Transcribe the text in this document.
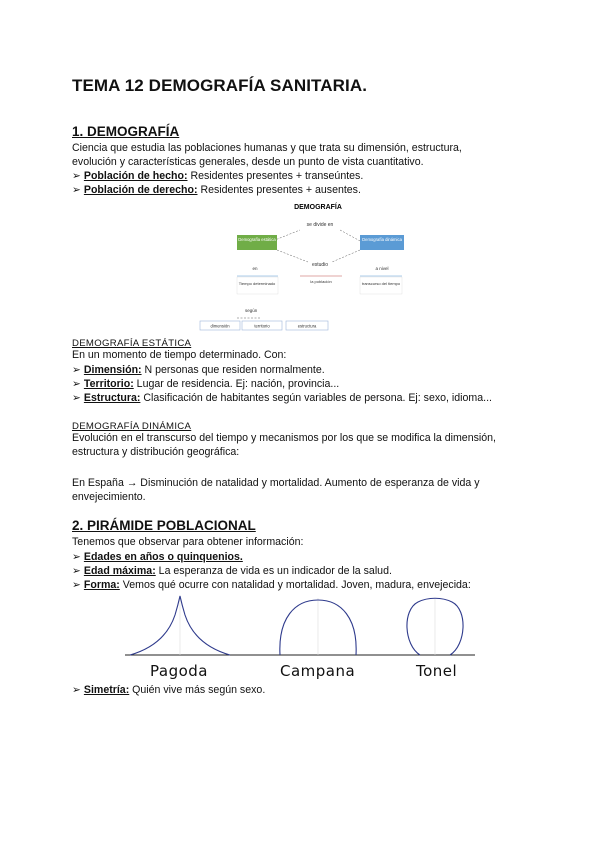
TEMA 12 DEMOGRAFÍA SANITARIA.
1. DEMOGRAFÍA

Ciencia que estudia las poblaciones humanas y que trata su dimensión, estructura,

evolución y características generales, desde un punto de vista cuantitativo.

➢ Población de hecho: Residentes presentes + transeúntes.
➢ Población de derecho: Residentes presentes + ausentes.
DEMOGRAFÍA
se divide en
Demografía estática	Demografía dinámica
estudio
en	a nivel
Tiempo determinado	la población	transcurso del tiempo
según
dimensión	territorio	estructura
DEMOGRAFÍA ESTÁTICA
En un momento de tiempo determinado. Con:
➢ Dimensión: N personas que residen normalmente.
➢ Territorio: Lugar de residencia. Ej: nación, provincia...
➢ Estructura: Clasificación de habitantes según variables de persona. Ej: sexo, idioma...
DEMOGRAFÍA DINÁMICA

Evolución en el transcurso del tiempo y mecanismos por los que se modifica la dimensión,

estructura y distribución geográfica:

En España → Disminución de natalidad y mortalidad. Aumento de esperanza de vida y

envejecimiento.

2. PIRÁMIDE POBLACIONAL
Tenemos que observar para obtener información:
➢ Edades en años o quinquenios.
➢ Edad máxima: La esperanza de vida es un indicador de la salud.
➢ Forma: Vemos qué ocurre con natalidad y mortalidad. Joven, madura, envejecida:
Pagoda	Campana	Tonel
➢ Simetría: Quién vive más según sexo.
